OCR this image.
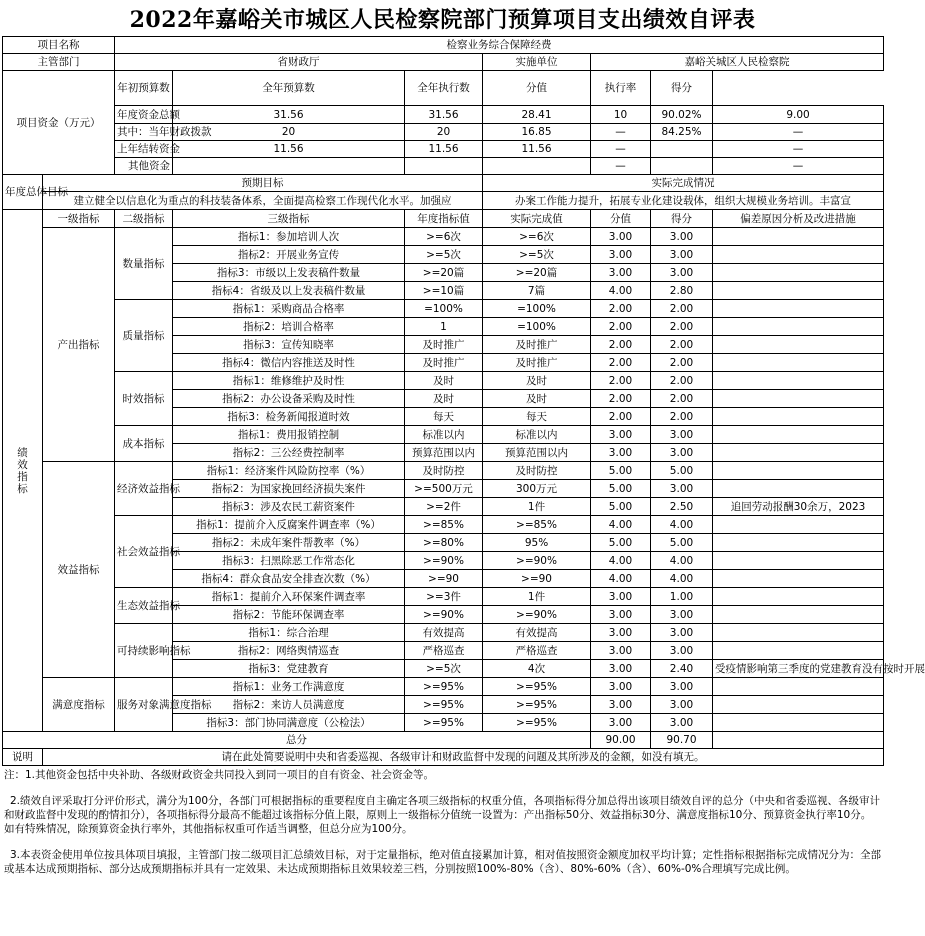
2022年嘉峪关市城区人民检察院部门预算项目支出绩效自评表
项目名称		检察业务综合保障经费						
主管部门		省财政厅			实施单位	嘉峪关城区人民检察院		
项目资金（万元）		年初预算数	全年预算数	全年执行数	分值	执行率	得分	
		年度资金总额	31.56	31.56	28.41	10	90.02%	9.00
		其中：当年财政拨款	20	20	16.85	—	84.25%	—
		上年结转资金	11.56	11.56	11.56	—		—
		其他资金				—		—
年度总体目标	预期目标				实际完成情况			
	建立健全以信息化为重点的科技装备体系，全面提高检察工作现代化水平。加强应				办案工作能力提升，拓展专业化建设载体，组织大规模业务培训。丰富宣			
绩
效
指
标	一级指标	二级指标	三级指标	年度指标值	实际完成值	分值	得分	偏差原因分析及改进措施
	产出指标	数量指标	指标1：参加培训人次	>=6次	>=6次	3.00	3.00	
			指标2：开展业务宣传	>=5次	>=5次	3.00	3.00	
			指标3：市级以上发表稿件数量	>=20篇	>=20篇	3.00	3.00	
			指标4：省级及以上发表稿件数量	>=10篇	7篇	4.00	2.80	
		质量指标	指标1：采购商品合格率	=100%	=100%	2.00	2.00	
			指标2：培训合格率	1	=100%	2.00	2.00	
			指标3：宣传知晓率	及时推广	及时推广	2.00	2.00	
			指标4：微信内容推送及时性	及时推广	及时推广	2.00	2.00	
		时效指标	指标1：维修维护及时性	及时	及时	2.00	2.00	
			指标2：办公设备采购及时性	及时	及时	2.00	2.00	
			指标3：检务新闻报道时效	每天	每天	2.00	2.00	
		成本指标	指标1：费用报销控制	标准以内	标准以内	3.00	3.00	
			指标2：三公经费控制率	预算范围以内	预算范围以内	3.00	3.00	
	效益指标	经济效益指标	指标1：经济案件风险防控率（%）	及时防控	及时防控	5.00	5.00	
			指标2：为国家挽回经济损失案件	>=500万元	300万元	5.00	3.00	
			指标3：涉及农民工薪资案件	>=2件	1件	5.00	2.50	追回劳动报酬30余万，2023
		社会效益指标	指标1：提前介入反腐案件调查率（%）	>=85%	>=85%	4.00	4.00	
			指标2：未成年案件帮教率（%）	>=80%	95%	5.00	5.00	
			指标3：扫黑除恶工作常态化	>=90%	>=90%	4.00	4.00	
			指标4：群众食品安全排查次数（%）	>=90	>=90	4.00	4.00	
		生态效益指标	指标1：提前介入环保案件调查率	>=3件	1件	3.00	1.00	
			指标2：节能环保调查率	>=90%	>=90%	3.00	3.00	
		可持续影响指标	指标1：综合治理	有效提高	有效提高	3.00	3.00	
			指标2：网络舆情巡查	严格巡查	严格巡查	3.00	3.00	
			指标3：党建教育	>=5次	4次	3.00	2.40	受疫情影响第三季度的党建教育没有按时开展
	满意度指标	服务对象满意度指标	指标1：业务工作满意度	>=95%	>=95%	3.00	3.00	
			指标2：来访人员满意度	>=95%	>=95%	3.00	3.00	
			指标3：部门协同满意度（公检法）	>=95%	>=95%	3.00	3.00	
总分						90.00	90.70	
说明	请在此处简要说明中央和省委巡视、各级审计和财政监督中发现的问题及其所涉及的金额，如没有填无。							

注：1.其他资金包括中央补助、各级财政资金共同投入到同一项目的自有资金、社会资金等。

2.绩效自评采取打分评价形式，满分为100分，各部门可根据指标的重要程度自主确定各项三级指标的权重分值，各项指标得分加总得出该项目绩效自评的总分（中央和省委巡视、各级审计和财政监督中发现的酌情扣分），各项指标得分最高不能超过该指标分值上限，原则上一级指标分值统一设置为：产出指标50分、效益指标30分、满意度指标10分、预算资金执行率10分。如有特殊情况，除预算资金执行率外，其他指标权重可作适当调整，但总分应为100分。

3.本表资金使用单位按具体项目填报，主管部门按二级项目汇总绩效目标，对于定量指标，绝对值直接累加计算，相对值按照资金额度加权平均计算；定性指标根据指标完成情况分为：全部或基本达成预期指标、部分达成预期指标并具有一定效果、未达成预期指标且效果较差三档，分别按照100%-80%（含）、80%-60%（含）、60%-0%合理填写完成比例。
